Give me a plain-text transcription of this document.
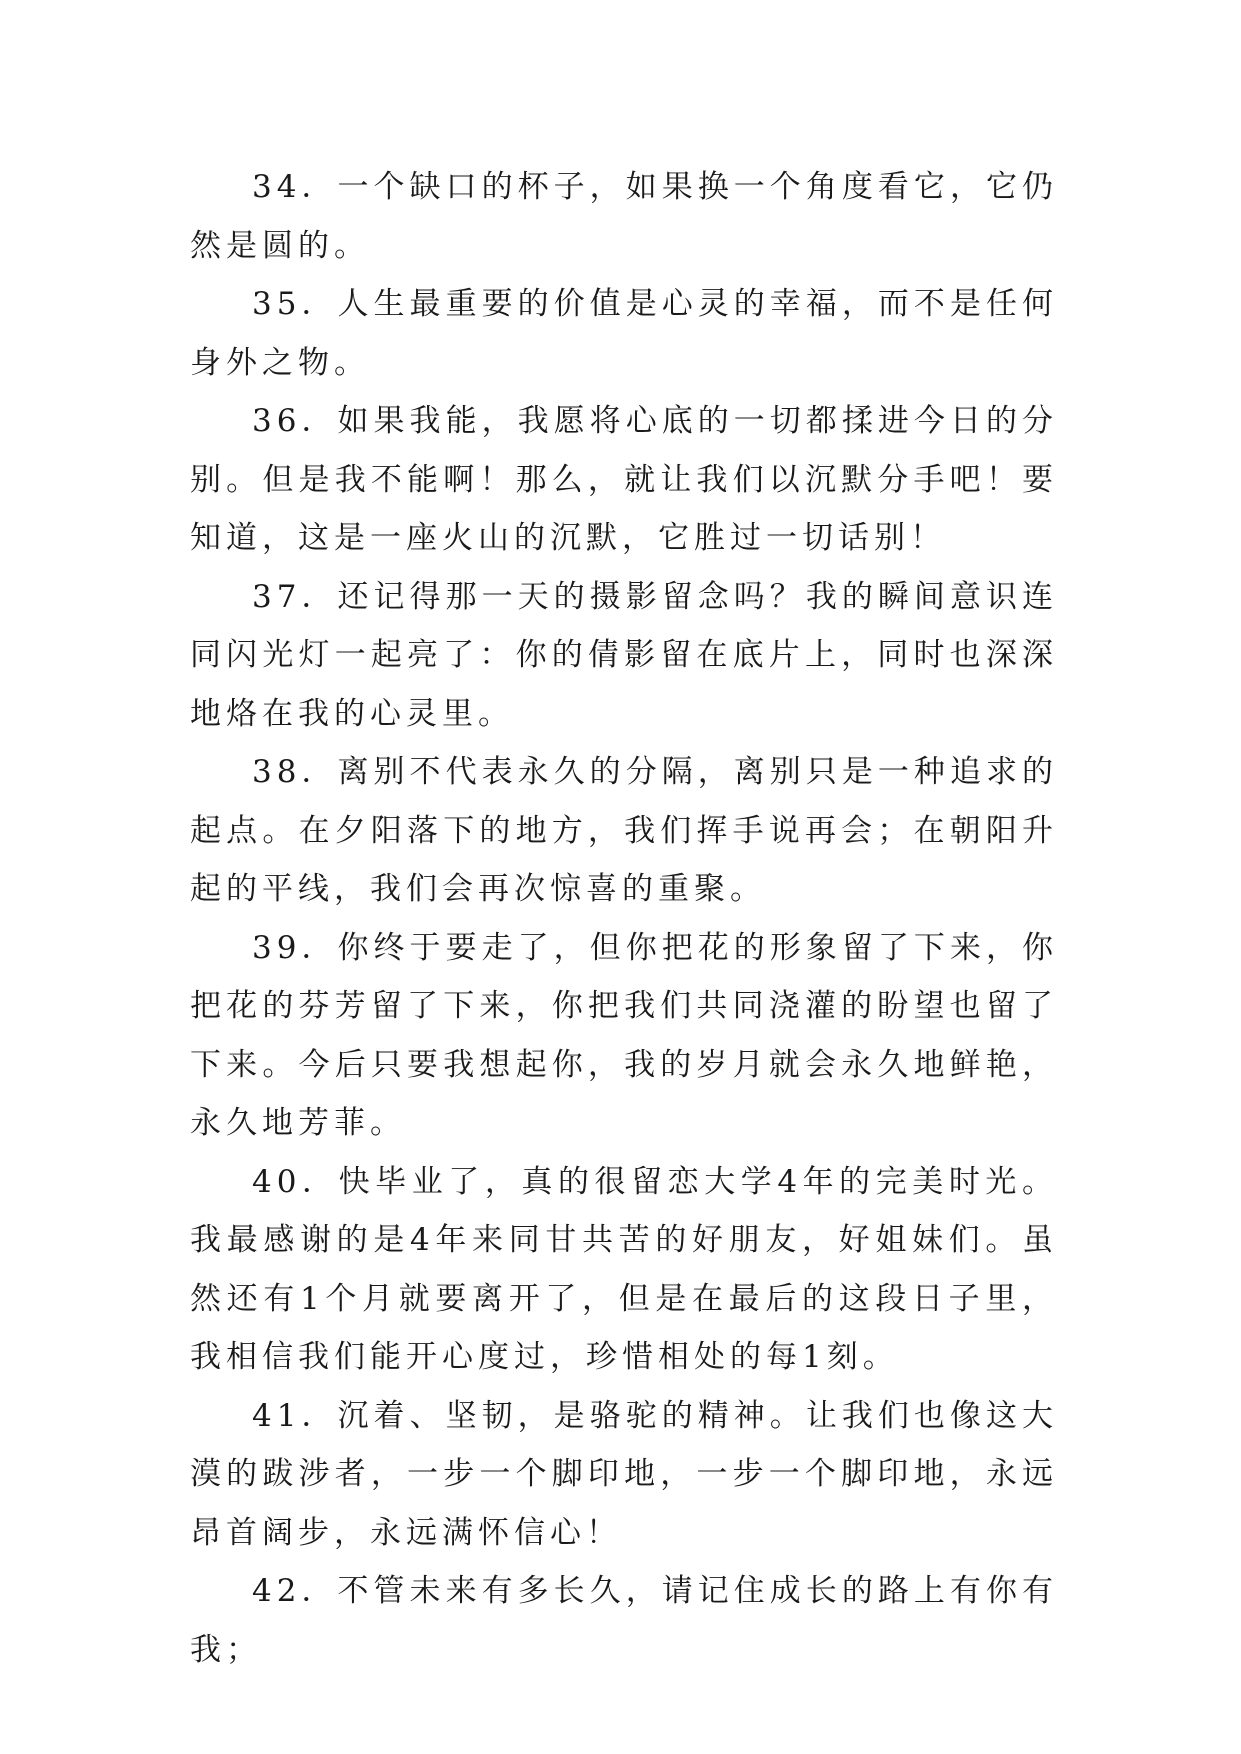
34．一个缺口的杯子，如果换一个角度看它，它仍然是圆的。

35．人生最重要的价值是心灵的幸福，而不是任何身外之物。

36．如果我能，我愿将心底的一切都揉进今日的分别。但是我不能啊！那么，就让我们以沉默分手吧！要知道，这是一座火山的沉默，它胜过一切话别！

37．还记得那一天的摄影留念吗？我的瞬间意识连同闪光灯一起亮了：你的倩影留在底片上，同时也深深地烙在我的心灵里。

38．离别不代表永久的分隔，离别只是一种追求的起点。在夕阳落下的地方，我们挥手说再会；在朝阳升起的平线，我们会再次惊喜的重聚。

39．你终于要走了，但你把花的形象留了下来，你把花的芬芳留了下来，你把我们共同浇灌的盼望也留了下来。今后只要我想起你，我的岁月就会永久地鲜艳，永久地芳菲。

40．快毕业了，真的很留恋大学4年的完美时光。我最感谢的是4年来同甘共苦的好朋友，好姐妹们。虽然还有1个月就要离开了，但是在最后的这段日子里，我相信我们能开心度过，珍惜相处的每1刻。

41．沉着、坚韧，是骆驼的精神。让我们也像这大漠的跋涉者，一步一个脚印地，一步一个脚印地，永远昂首阔步，永远满怀信心！

42．不管未来有多长久，请记住成长的路上有你有我；
